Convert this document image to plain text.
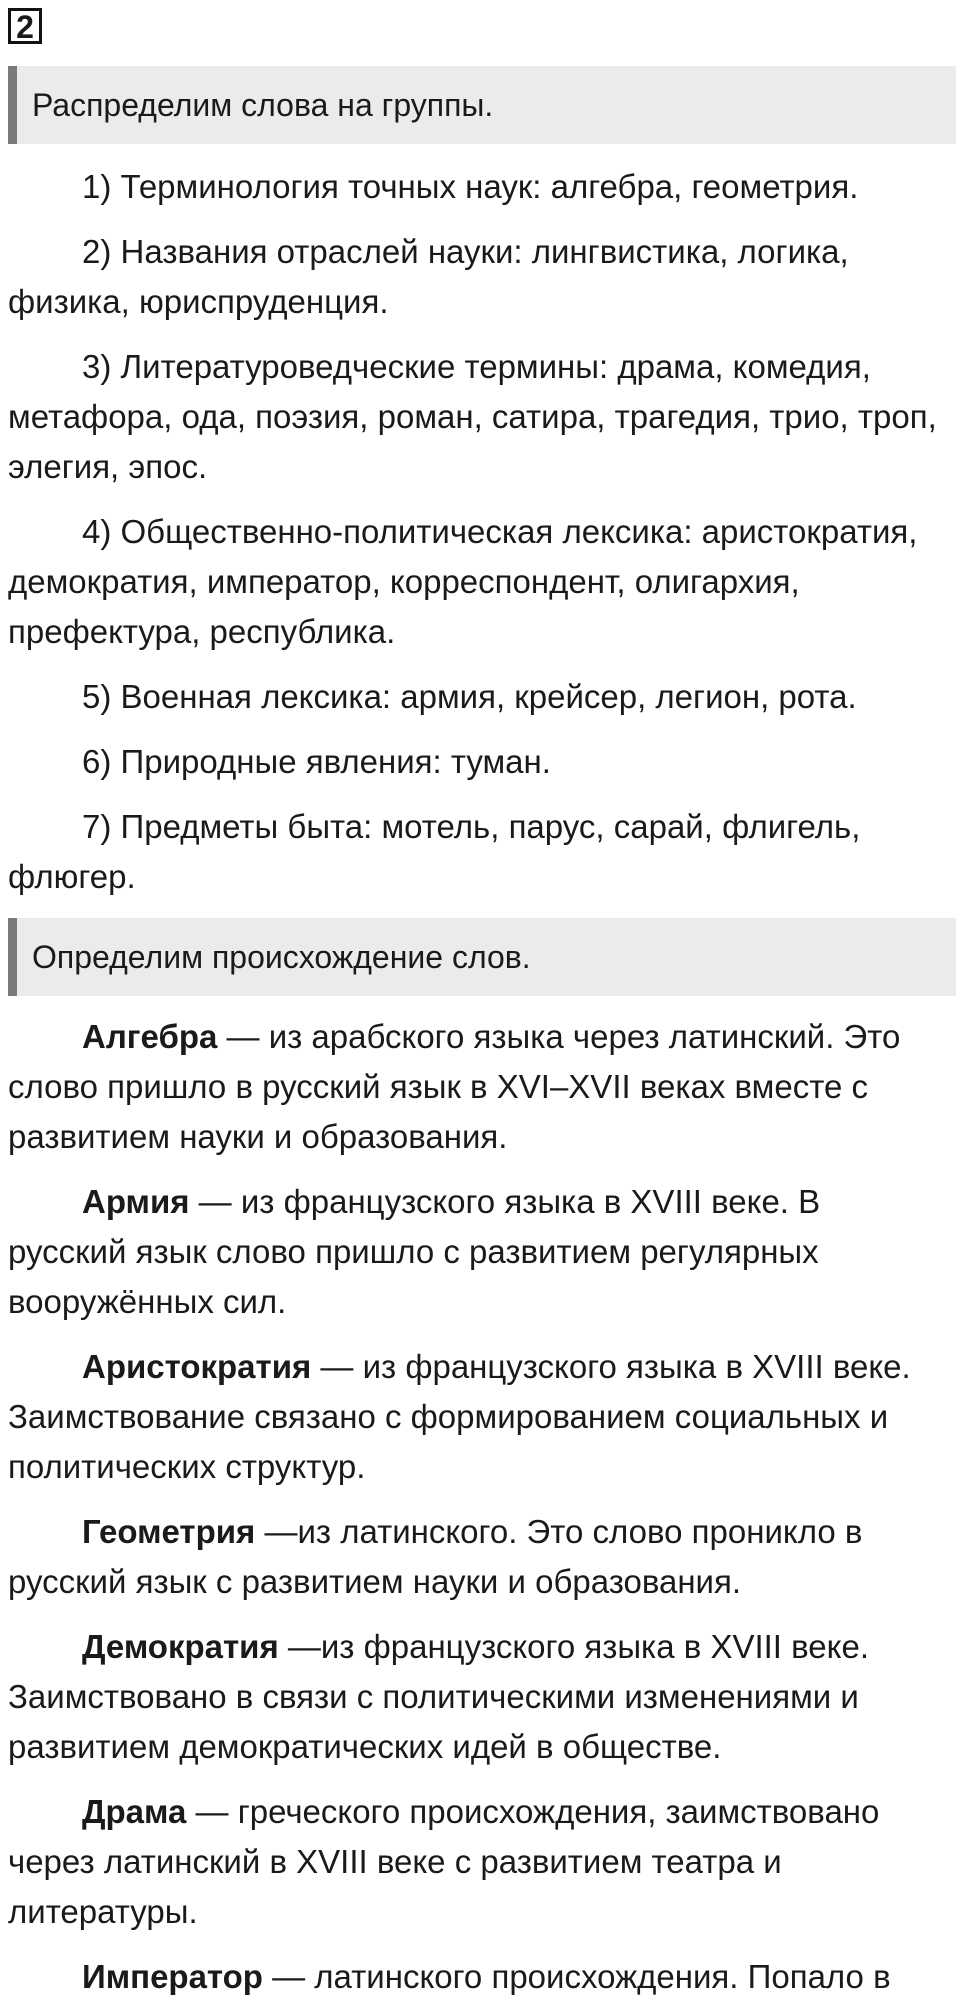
2
Распределим слова на группы.

1) Терминология точных наук: алгебра, геометрия.

2) Названия отраслей науки: лингвистика, логика, физика, юриспруденция.

3) Литературоведческие термины: драма, комедия, метафора, ода, поэзия, роман, сатира, трагедия, трио, троп, элегия, эпос.

4) Общественно-политическая лексика: аристократия, демократия, император, корреспондент, олигархия, префектура, республика.

5) Военная лексика: армия, крейсер, легион, рота.

6) Природные явления: туман.

7) Предметы быта: мотель, парус, сарай, флигель, флюгер.

Определим происхождение слов.

Алгебра — из арабского языка через латинский. Это слово пришло в русский язык в XVI–XVII веках вместе с развитием науки и образования.

Армия — из французского языка в XVIII веке. В русский язык слово пришло с развитием регулярных вооружённых сил.

Аристократия — из французского языка в XVIII веке. Заимствование связано с формированием социальных и политических структур.

Геометрия —из латинского. Это слово проникло в русский язык с развитием науки и образования.

Демократия —из французского языка в XVIII веке. Заимствовано в связи с политическими изменениями и развитием демократических идей в обществе.

Драма — греческого происхождения, заимствовано через латинский в XVIII веке с развитием театра и литературы.

Император — латинского происхождения. Попало в
